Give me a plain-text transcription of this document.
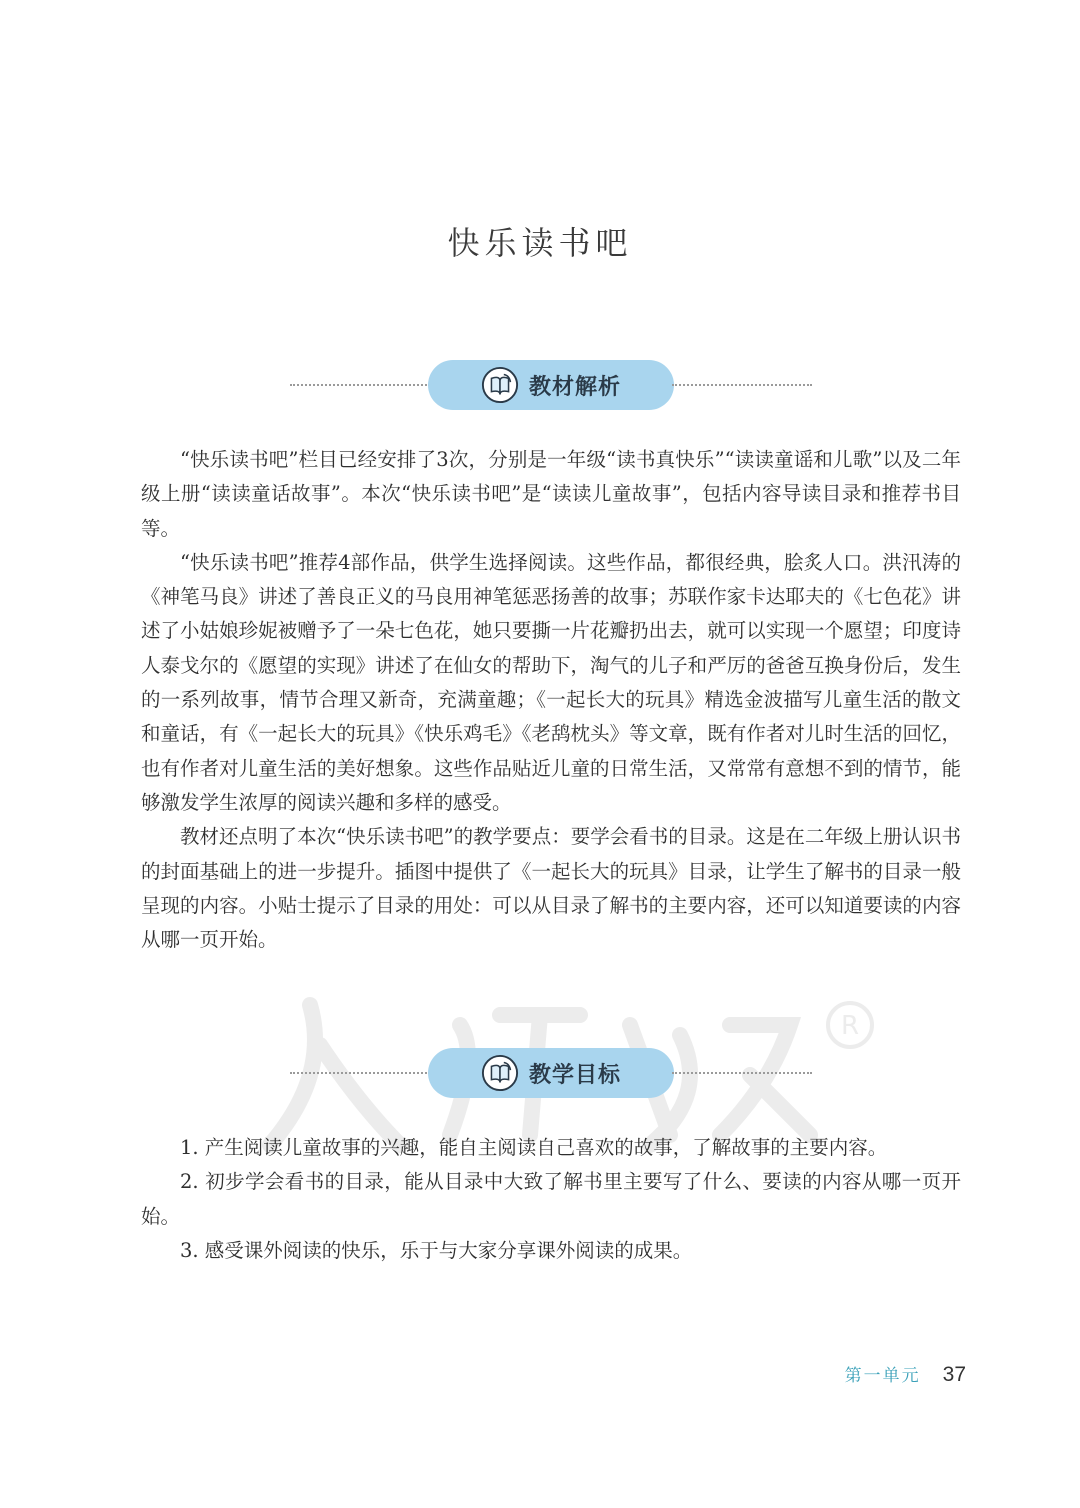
R
快乐读书吧
教材解析

“快乐读书吧”栏目已经安排了3次，分别是一年级“读书真快乐”“读读童谣和儿歌”以及二年级上册“读读童话故事”。本次“快乐读书吧”是“读读儿童故事”，包括内容导读目录和推荐书目等。

“快乐读书吧”推荐4部作品，供学生选择阅读。这些作品，都很经典，脍炙人口。洪汛涛的《神笔马良》讲述了善良正义的马良用神笔惩恶扬善的故事；苏联作家卡达耶夫的《七色花》讲述了小姑娘珍妮被赠予了一朵七色花，她只要撕一片花瓣扔出去，就可以实现一个愿望；印度诗人泰戈尔的《愿望的实现》讲述了在仙女的帮助下，淘气的儿子和严厉的爸爸互换身份后，发生的一系列故事，情节合理又新奇，充满童趣；《一起长大的玩具》精选金波描写儿童生活的散文和童话，有《一起长大的玩具》《快乐鸡毛》《老鸹枕头》等文章，既有作者对儿时生活的回忆，也有作者对儿童生活的美好想象。这些作品贴近儿童的日常生活，又常常有意想不到的情节，能够激发学生浓厚的阅读兴趣和多样的感受。

教材还点明了本次“快乐读书吧”的教学要点：要学会看书的目录。这是在二年级上册认识书的封面基础上的进一步提升。插图中提供了《一起长大的玩具》目录，让学生了解书的目录一般呈现的内容。小贴士提示了目录的用处：可以从目录了解书的主要内容，还可以知道要读的内容从哪一页开始。

教学目标

1. 产生阅读儿童故事的兴趣，能自主阅读自己喜欢的故事，了解故事的主要内容。

2. 初步学会看书的目录，能从目录中大致了解书里主要写了什么、要读的内容从哪一页开始。

3. 感受课外阅读的快乐，乐于与大家分享课外阅读的成果。

第一单元 37
